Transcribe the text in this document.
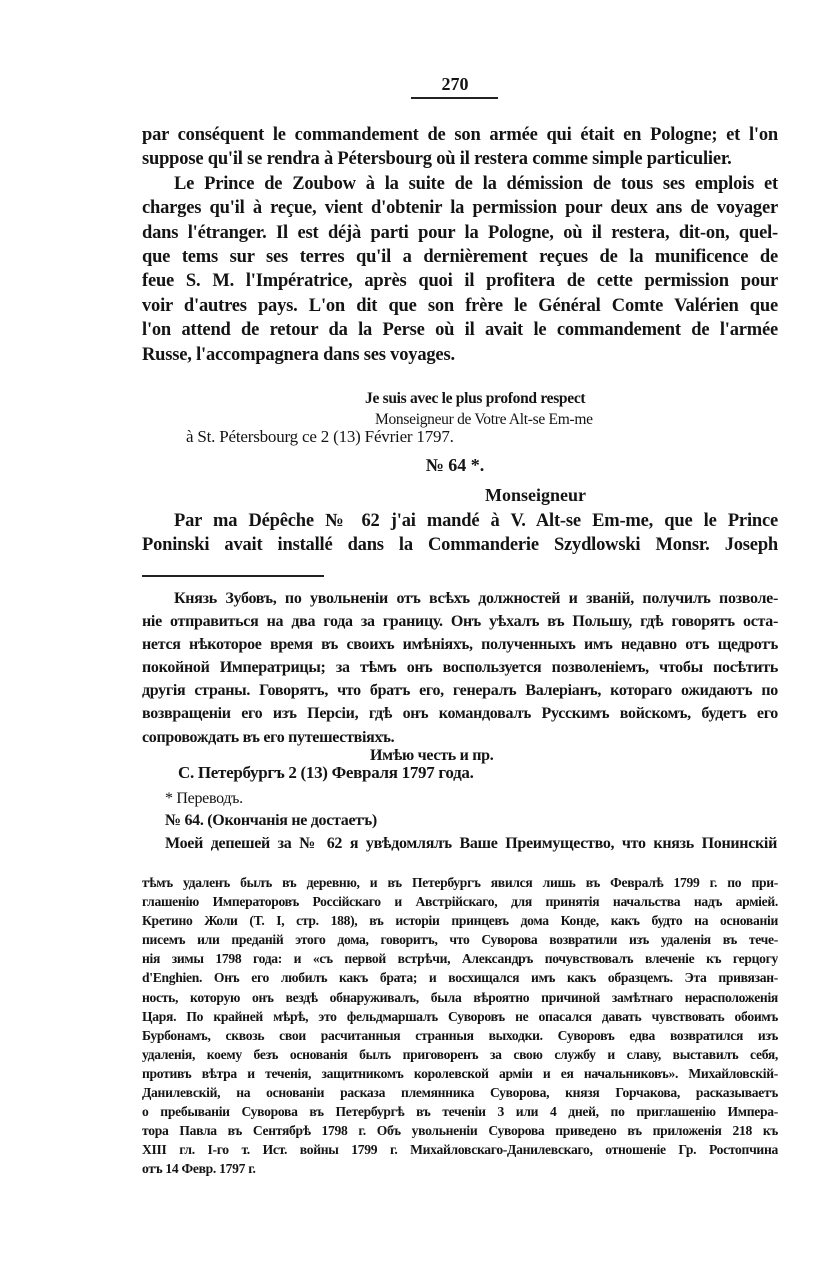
270
par conséquent le commandement de son armée qui était en Pologne; et l'on
suppose qu'il se rendra à Pétersbourg où il restera comme simple particulier.
Le Prince de Zoubow à la suite de la démission de tous ses emplois et
charges qu'il à reçue, vient d'obtenir la permission pour deux ans de voyager
dans l'étranger. Il est déjà parti pour la Pologne, où il restera, dit-on, quel-
que tems sur ses terres qu'il a dernièrement reçues de la munificence de
feue S. M. l'Impératrice, après quoi il profitera de cette permission pour
voir d'autres pays. L'on dit que son frère le Général Comte Valérien que
l'on attend de retour da la Perse où il avait le commandement de l'armée
Russe, l'accompagnera dans ses voyages.
Je suis avec le plus profond respect
Monseigneur de Votre Alt-se Em-me
à St. Pétersbourg ce 2 (13) Février 1797.
№ 64 *.
Monseigneur
Par ma Dépêche № 62 j'ai mandé à V. Alt-se Em-me, que le Prince
Poninski avait installé dans la Commanderie Szydlowski Monsr. Joseph
Князь Зубовъ, по увольненіи отъ всѣхъ должностей и званій, получилъ позволе-
ніе отправиться на два года за границу. Онъ уѣхалъ въ Польшу, гдѣ говорятъ оста-
нется нѣкоторое время въ своихъ имѣніяхъ, полученныхъ имъ недавно отъ щедротъ
покойной Императрицы; за тѣмъ онъ воспользуется позволеніемъ, чтобы посѣтить
другія страны. Говорятъ, что братъ его, генералъ Валеріанъ, котораго ожидаютъ по
возвращеніи его изъ Персіи, гдѣ онъ командовалъ Русскимъ войскомъ, будетъ его
сопровождать въ его путешествіяхъ.
Имѣю честь и пр.
С. Петербургъ 2 (13) Февраля 1797 года.
* Переводъ.
№ 64. (Окончанія не достаетъ)
Моей депешей за № 62 я увѣдомлялъ Ваше Преимущество, что князь Понинскій
тѣмъ удаленъ былъ въ деревню, и въ Петербургъ явился лишь въ Февралѣ 1799 г. по при-
глашенію Императоровъ Россійскаго и Австрійскаго, для принятія начальства надъ арміей.
Кретино Жоли (T. I, стр. 188), въ исторіи принцевъ дома Конде, какъ будто на основаніи
писемъ или преданій этого дома, говоритъ, что Суворова возвратили изъ удаленія въ тече-
нія зимы 1798 года: и «съ первой встрѣчи, Александръ почувствовалъ влеченіе къ герцогу
d'Enghien. Онъ его любилъ какъ брата; и восхищался имъ какъ образцемъ. Эта привязан-
ность, которую онъ вездѣ обнаруживалъ, была вѣроятно причиной замѣтнаго нерасположенія
Царя. По крайней мѣрѣ, это фельдмаршалъ Суворовъ не опасался давать чувствовать обоимъ
Бурбонамъ, сквозь свои расчитанныя странныя выходки. Суворовъ едва возвратился изъ
удаленія, коему безъ основанія былъ приговоренъ за свою службу и славу, выставилъ себя,
противъ вѣтра и теченія, защитникомъ королевской арміи и ея начальниковъ». Михайловскій-
Данилевскій, на основаніи расказа племянника Суворова, князя Горчакова, расказываетъ
о пребываніи Суворова въ Петербургѣ въ теченіи 3 или 4 дней, по приглашенію Импера-
тора Павла въ Сентябрѣ 1798 г. Объ увольненіи Суворова приведено въ приложенія 218 къ
XIII гл. I-го т. Ист. войны 1799 г. Михайловскаго-Данилевскаго, отношеніе Гр. Ростопчина
отъ 14 Февр. 1797 г.
